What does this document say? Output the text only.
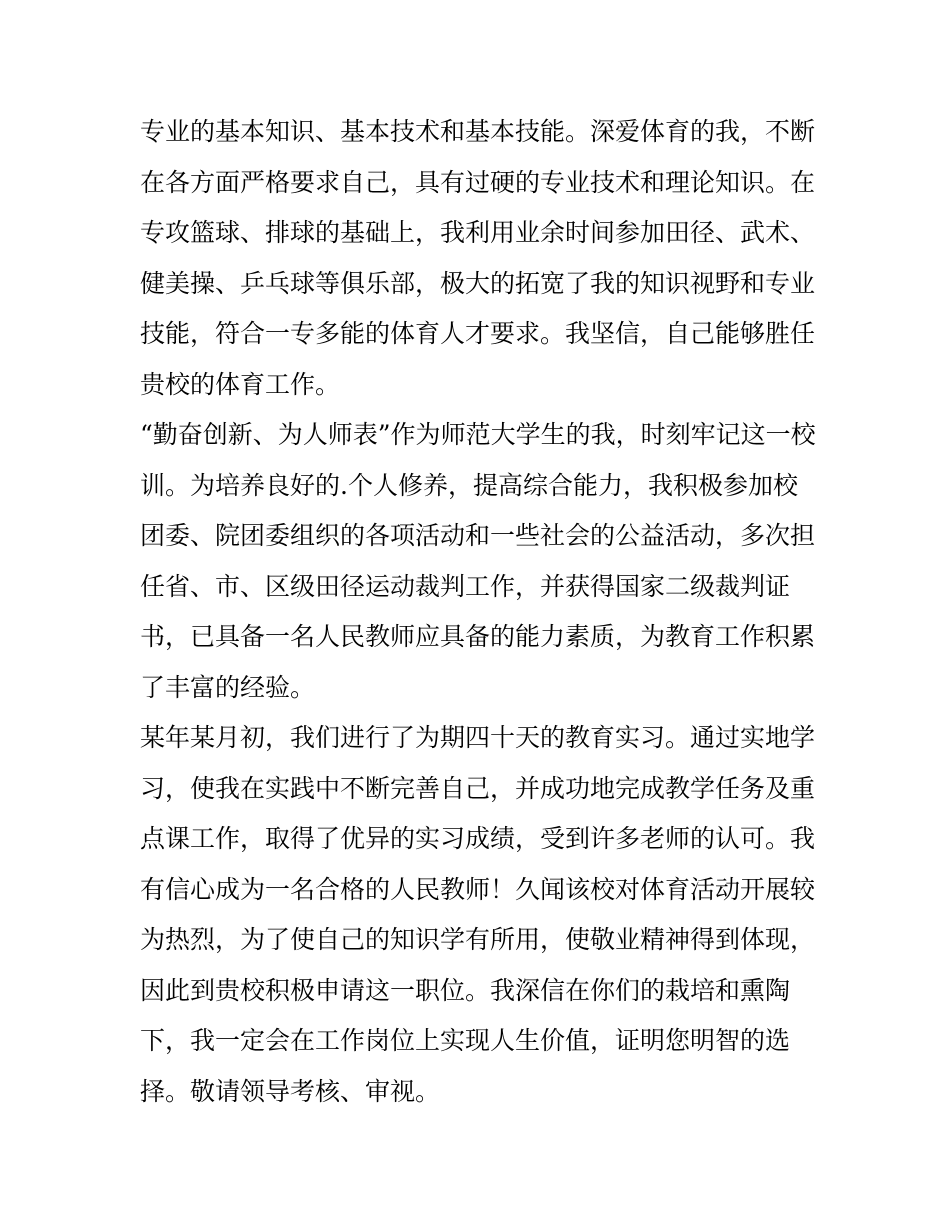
专业的基本知识、基本技术和基本技能。深爱体育的我，不断
在各方面严格要求自己，具有过硬的专业技术和理论知识。在
专攻篮球、排球的基础上，我利用业余时间参加田径、武术、
健美操、乒乓球等俱乐部，极大的拓宽了我的知识视野和专业
技能，符合一专多能的体育人才要求。我坚信，自己能够胜任
贵校的体育工作。
“勤奋创新、为人师表”作为师范大学生的我，时刻牢记这一校
训。为培养良好的.个人修养，提高综合能力，我积极参加校
团委、院团委组织的各项活动和一些社会的公益活动，多次担
任省、市、区级田径运动裁判工作，并获得国家二级裁判证
书，已具备一名人民教师应具备的能力素质，为教育工作积累
了丰富的经验。
某年某月初，我们进行了为期四十天的教育实习。通过实地学
习，使我在实践中不断完善自己，并成功地完成教学任务及重
点课工作，取得了优异的实习成绩，受到许多老师的认可。我
有信心成为一名合格的人民教师！久闻该校对体育活动开展较
为热烈，为了使自己的知识学有所用，使敬业精神得到体现，
因此到贵校积极申请这一职位。我深信在你们的栽培和熏陶
下，我一定会在工作岗位上实现人生价值，证明您明智的选
择。敬请领导考核、审视。
